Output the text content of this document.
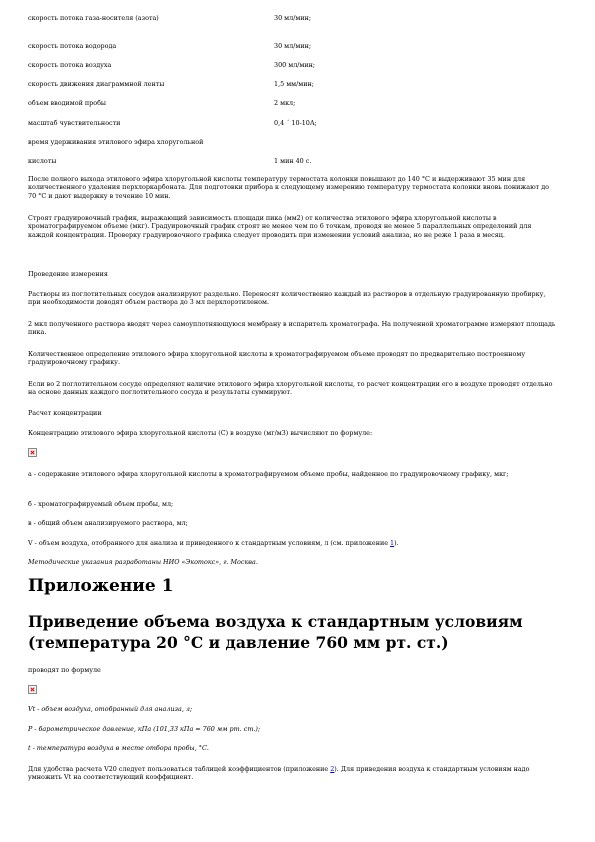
скорость потока газа-носителя (азота)	30 мл/мин;
скорость потока водорода	30 мл/мин;
скорость потока воздуха	300 мл/мин;
скорость движения диаграммной ленты	1,5 мм/мин;
объем вводимой пробы	2 мкл;
масштаб чувствительности	0,4 ´ 10-10А;
время удерживания этилового эфира хлоругольной
кислоты	1 мин 40 с.

После полного выхода этилового эфира хлоругольной кислоты температуру термостата колонки повышают до 140 °С и выдерживают 35 мин для количественного удаления перхлоркарбоната. Для подготовки прибора к следующему измерению температуру термостата колонки вновь понижают до 70 °С и дают выдержку в течение 10 мин.

Строят градуировочный график, выражающий зависимость площади пика (мм2) от количества этилового эфира хлоругольной кислоты в хроматографируемом объеме (мкг). Градуировочный график строят не менее чем по 6 точкам, проводя не менее 5 параллельных определений для каждой концентрации. Проверку градуировочного графика следует проводить при изменении условий анализа, но не реже 1 раза в месяц.

Проведение измерения

Растворы из поглотительных сосудов анализируют раздельно. Переносят количественно каждый из растворов в отдельную градуированную пробирку, при необходимости доводят объем раствора до 3 мл перхлорэтиленом.

2 мкл полученного раствора вводят через самоуплотняющуюся мембрану в испаритель хроматографа. На полученной хроматограмме измеряют площадь пика.

Количественное определение этилового эфира хлоругольной кислоты в хроматографируемом объеме проводят по предварительно построенному градуировочному графику.

Если во 2 поглотительном сосуде определяют наличие этилового эфира хлоругольной кислоты, то расчет концентрации его в воздухе проводят отдельно на основе данных каждого поглотительного сосуда и результаты суммируют.

Расчет концентрации

Концентрацию этилового эфира хлоругольной кислоты (С) в воздухе (мг/м3) вычисляют по формуле:

а - содержание этилового эфира хлоругольной кислоты в хроматографируемом объеме пробы, найденное по градуировочному графику, мкг;

б - хроматографируемый объем пробы, мл;

в - общий объем анализируемого раствора, мл;

V - объем воздуха, отобранного для анализа и приведенного к стандартным условиям, л (см. приложение 1).

Методические указания разработаны НИО «Экотокс», г. Москва.

Приложение 1
Приведение объема воздуха к стандартным условиям (температура 20 °С и давление 760 мм рт. ст.)

проводят по формуле

Vt - объем воздуха, отобранный для анализа, л;

Р - барометрическое давление, кПа (101,33 кПа = 760 мм рт. ст.);

t - температура воздуха в месте отбора пробы, °С.

Для удобства расчета V20 следует пользоваться таблицей коэффициентов (приложение 2). Для приведения воздуха к стандартным условиям надо умножить Vt на соответствующий коэффициент.
